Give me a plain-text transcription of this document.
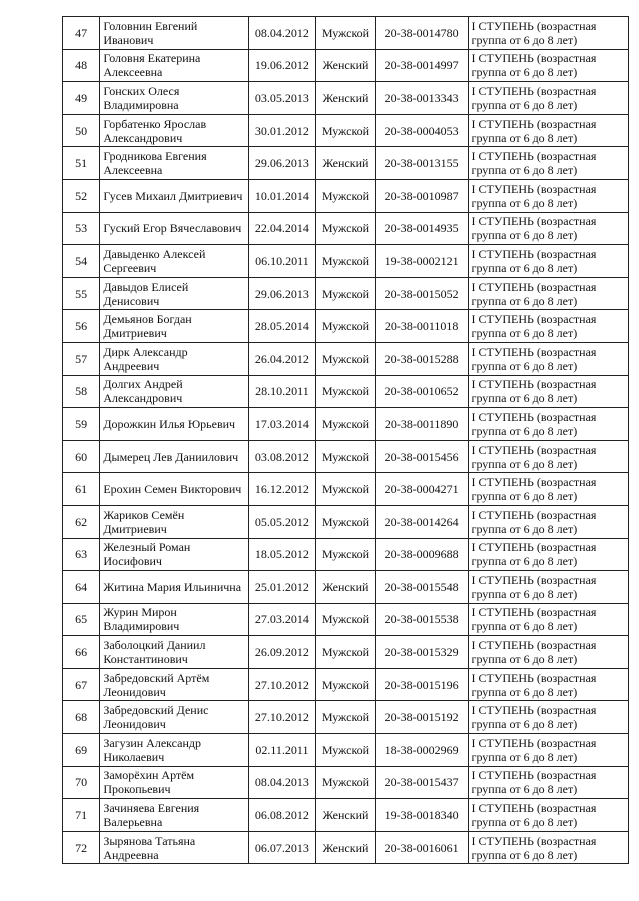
47	Головнин Евгений Иванович	08.04.2012	Мужской	20-38-0014780	I СТУПЕНЬ (возрастная группа от 6 до 8 лет)
48	Головня Екатерина Алексеевна	19.06.2012	Женский	20-38-0014997	I СТУПЕНЬ (возрастная группа от 6 до 8 лет)
49	Гонских Олеся Владимировна	03.05.2013	Женский	20-38-0013343	I СТУПЕНЬ (возрастная группа от 6 до 8 лет)
50	Горбатенко Ярослав Александрович	30.01.2012	Мужской	20-38-0004053	I СТУПЕНЬ (возрастная группа от 6 до 8 лет)
51	Гродникова Евгения Алексеевна	29.06.2013	Женский	20-38-0013155	I СТУПЕНЬ (возрастная группа от 6 до 8 лет)
52	Гусев Михаил Дмитриевич	10.01.2014	Мужской	20-38-0010987	I СТУПЕНЬ (возрастная группа от 6 до 8 лет)
53	Гуский Егор Вячеславович	22.04.2014	Мужской	20-38-0014935	I СТУПЕНЬ (возрастная группа от 6 до 8 лет)
54	Давыденко Алексей Сергеевич	06.10.2011	Мужской	19-38-0002121	I СТУПЕНЬ (возрастная группа от 6 до 8 лет)
55	Давыдов Елисей Денисович	29.06.2013	Мужской	20-38-0015052	I СТУПЕНЬ (возрастная группа от 6 до 8 лет)
56	Демьянов Богдан Дмитриевич	28.05.2014	Мужской	20-38-0011018	I СТУПЕНЬ (возрастная группа от 6 до 8 лет)
57	Дирк Александр Андреевич	26.04.2012	Мужской	20-38-0015288	I СТУПЕНЬ (возрастная группа от 6 до 8 лет)
58	Долгих Андрей Александрович	28.10.2011	Мужской	20-38-0010652	I СТУПЕНЬ (возрастная группа от 6 до 8 лет)
59	Дорожкин Илья Юрьевич	17.03.2014	Мужской	20-38-0011890	I СТУПЕНЬ (возрастная группа от 6 до 8 лет)
60	Дымерец Лев Даниилович	03.08.2012	Мужской	20-38-0015456	I СТУПЕНЬ (возрастная группа от 6 до 8 лет)
61	Ерохин Семен Викторович	16.12.2012	Мужской	20-38-0004271	I СТУПЕНЬ (возрастная группа от 6 до 8 лет)
62	Жариков Семён Дмитриевич	05.05.2012	Мужской	20-38-0014264	I СТУПЕНЬ (возрастная группа от 6 до 8 лет)
63	Железный Роман Иосифович	18.05.2012	Мужской	20-38-0009688	I СТУПЕНЬ (возрастная группа от 6 до 8 лет)
64	Житина Мария Ильинична	25.01.2012	Женский	20-38-0015548	I СТУПЕНЬ (возрастная группа от 6 до 8 лет)
65	Журин Мирон Владимирович	27.03.2014	Мужской	20-38-0015538	I СТУПЕНЬ (возрастная группа от 6 до 8 лет)
66	Заболоцкий Даниил Константинович	26.09.2012	Мужской	20-38-0015329	I СТУПЕНЬ (возрастная группа от 6 до 8 лет)
67	Забредовский Артём Леонидович	27.10.2012	Мужской	20-38-0015196	I СТУПЕНЬ (возрастная группа от 6 до 8 лет)
68	Забредовский Денис Леонидович	27.10.2012	Мужской	20-38-0015192	I СТУПЕНЬ (возрастная группа от 6 до 8 лет)
69	Загузин Александр Николаевич	02.11.2011	Мужской	18-38-0002969	I СТУПЕНЬ (возрастная группа от 6 до 8 лет)
70	Заморёхин Артём Прокопьевич	08.04.2013	Мужской	20-38-0015437	I СТУПЕНЬ (возрастная группа от 6 до 8 лет)
71	Зачиняева Евгения Валерьевна	06.08.2012	Женский	19-38-0018340	I СТУПЕНЬ (возрастная группа от 6 до 8 лет)
72	Зырянова Татьяна Андреевна	06.07.2013	Женский	20-38-0016061	I СТУПЕНЬ (возрастная группа от 6 до 8 лет)
